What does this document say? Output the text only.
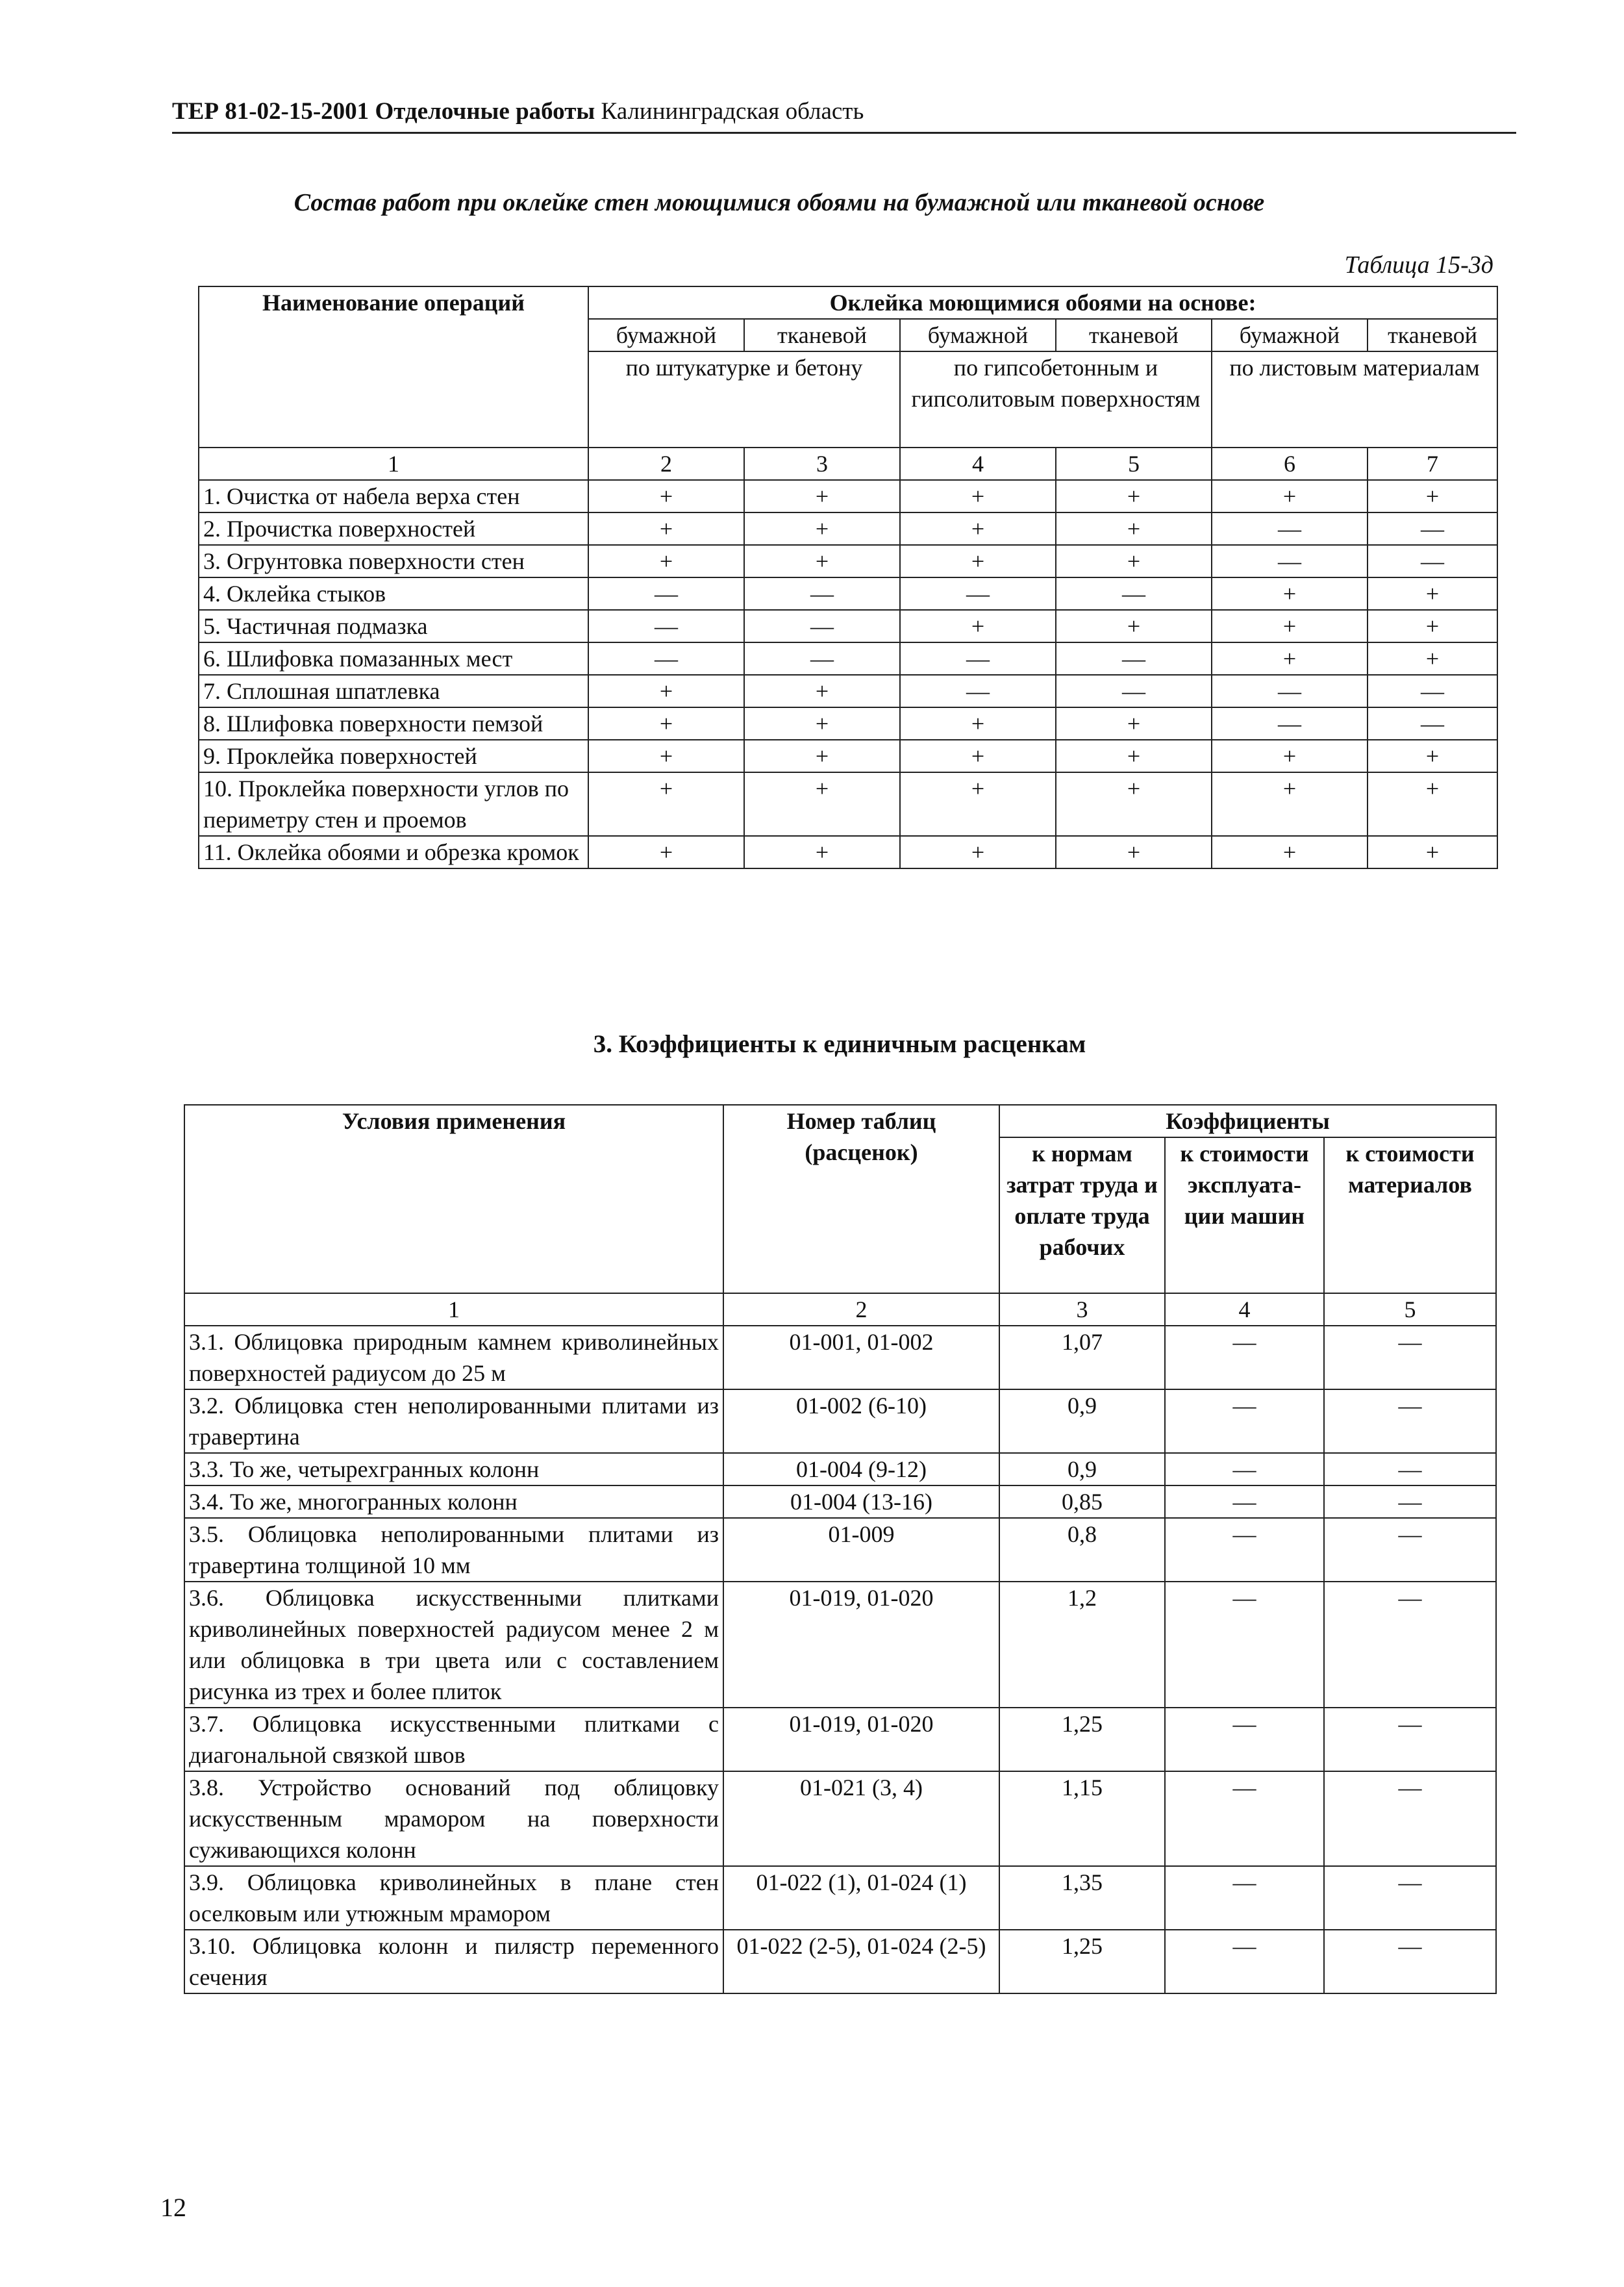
ТЕР 81-02-15-2001 Отделочные работы Калининградская область
Состав работ при оклейке стен моющимися обоями на бумажной или тканевой основе
Таблица 15-3д
Наименование операций	Оклейка моющимися обоями на основе:					
	бумажной	тканевой	бумажной	тканевой	бумажной	тканевой
	по штукатурке и бетону		по гипсобетонным и гипсолитовым поверхностям		по листовым материалам	
1	2	3	4	5	6	7
1. Очистка от набела верха стен	+	+	+	+	+	+
2. Прочистка поверхностей	+	+	+	+	—	—
3. Огрунтовка поверхности стен	+	+	+	+	—	—
4. Оклейка стыков	—	—	—	—	+	+
5. Частичная подмазка	—	—	+	+	+	+
6. Шлифовка помазанных мест	—	—	—	—	+	+
7. Сплошная шпатлевка	+	+	—	—	—	—
8. Шлифовка поверхности пемзой	+	+	+	+	—	—
9. Проклейка поверхностей	+	+	+	+	+	+
10. Проклейка поверхности углов по периметру стен и проемов	+	+	+	+	+	+
11. Оклейка обоями и обрезка кромок	+	+	+	+	+	+
3. Коэффициенты к единичным расценкам
Условия применения	Номер таблиц (расценок)	Коэффициенты		
		к нормам затрат труда и оплате труда рабочих	к стоимости эксплуата-ции машин	к стоимости материалов
1	2	3	4	5
3.1. Облицовка природным камнем криволинейных поверхностей радиусом до 25 м	01-001, 01-002	1,07	—	—
3.2. Облицовка стен неполированными плитами из травертина	01-002 (6-10)	0,9	—	—
3.3. То же, четырехгранных колонн	01-004 (9-12)	0,9	—	—
3.4. То же, многогранных колонн	01-004 (13-16)	0,85	—	—
3.5. Облицовка неполированными плитами из травертина толщиной 10 мм	01-009	0,8	—	—
3.6. Облицовка искусственными плитками криволинейных поверхностей радиусом менее 2 м или облицовка в три цвета или с составлением рисунка из трех и более плиток	01-019, 01-020	1,2	—	—
3.7. Облицовка искусственными плитками с диагональной связкой швов	01-019, 01-020	1,25	—	—
3.8. Устройство оснований под облицовку искусственным мрамором на поверхности суживающихся колонн	01-021 (3, 4)	1,15	—	—
3.9. Облицовка криволинейных в плане стен оселковым или утюжным мрамором	01-022 (1), 01-024 (1)	1,35	—	—
3.10. Облицовка колонн и пилястр переменного сечения	01-022 (2-5), 01-024 (2-5)	1,25	—	—
12
